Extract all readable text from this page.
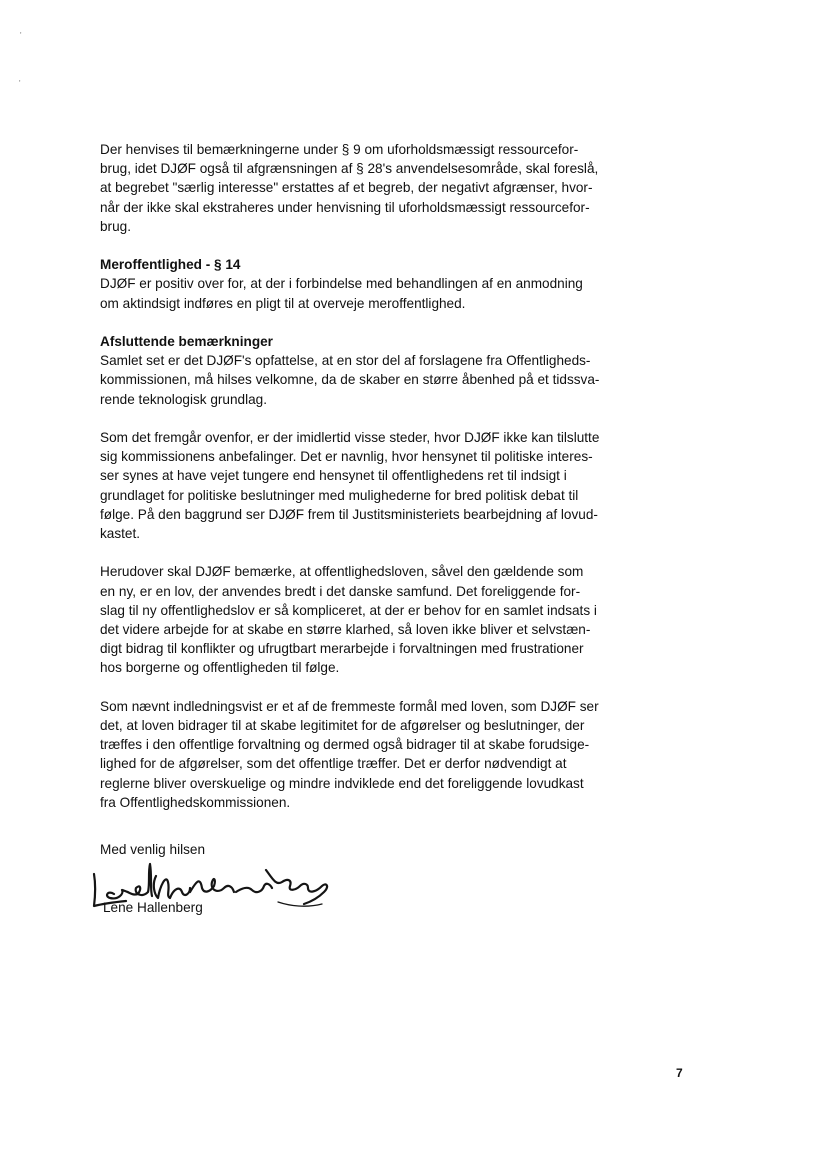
'
'
Der henvises til bemærkningerne under § 9 om uforholdsmæssigt ressourcefor-
brug, idet DJØF også til afgrænsningen af § 28's anvendelsesområde, skal foreslå,
at begrebet "særlig interesse" erstattes af et begreb, der negativt afgrænser, hvor-
når der ikke skal ekstraheres under henvisning til uforholdsmæssigt ressourcefor-
brug.
Meroffentlighed - § 14
DJØF er positiv over for, at der i forbindelse med behandlingen af en anmodning
om aktindsigt indføres en pligt til at overveje meroffentlighed.
Afsluttende bemærkninger
Samlet set er det DJØF's opfattelse, at en stor del af forslagene fra Offentligheds-
kommissionen, må hilses velkomne, da de skaber en større åbenhed på et tidssva-
rende teknologisk grundlag.
Som det fremgår ovenfor, er der imidlertid visse steder, hvor DJØF ikke kan tilslutte
sig kommissionens anbefalinger. Det er navnlig, hvor hensynet til politiske interes-
ser synes at have vejet tungere end hensynet til offentlighedens ret til indsigt i
grundlaget for politiske beslutninger med mulighederne for bred politisk debat til
følge. På den baggrund ser DJØF frem til Justitsministeriets bearbejdning af lovud-
kastet.
Herudover skal DJØF bemærke, at offentlighedsloven, såvel den gældende som
en ny, er en lov, der anvendes bredt i det danske samfund. Det foreliggende for-
slag til ny offentlighedslov er så kompliceret, at der er behov for en samlet indsats i
det videre arbejde for at skabe en større klarhed, så loven ikke bliver et selvstæn-
digt bidrag til konflikter og ufrugtbart merarbejde i forvaltningen med frustrationer
hos borgerne og offentligheden til følge.
Som nævnt indledningsvist er et af de fremmeste formål med loven, som DJØF ser
det, at loven bidrager til at skabe legitimitet for de afgørelser og beslutninger, der
træffes i den offentlige forvaltning og dermed også bidrager til at skabe forudsige-
lighed for de afgørelser, som det offentlige træffer. Det er derfor nødvendigt at
reglerne bliver overskuelige og mindre indviklede end det foreliggende lovudkast
fra Offentlighedskommissionen.
Med venlig hilsen
Lene Hallenberg
7
